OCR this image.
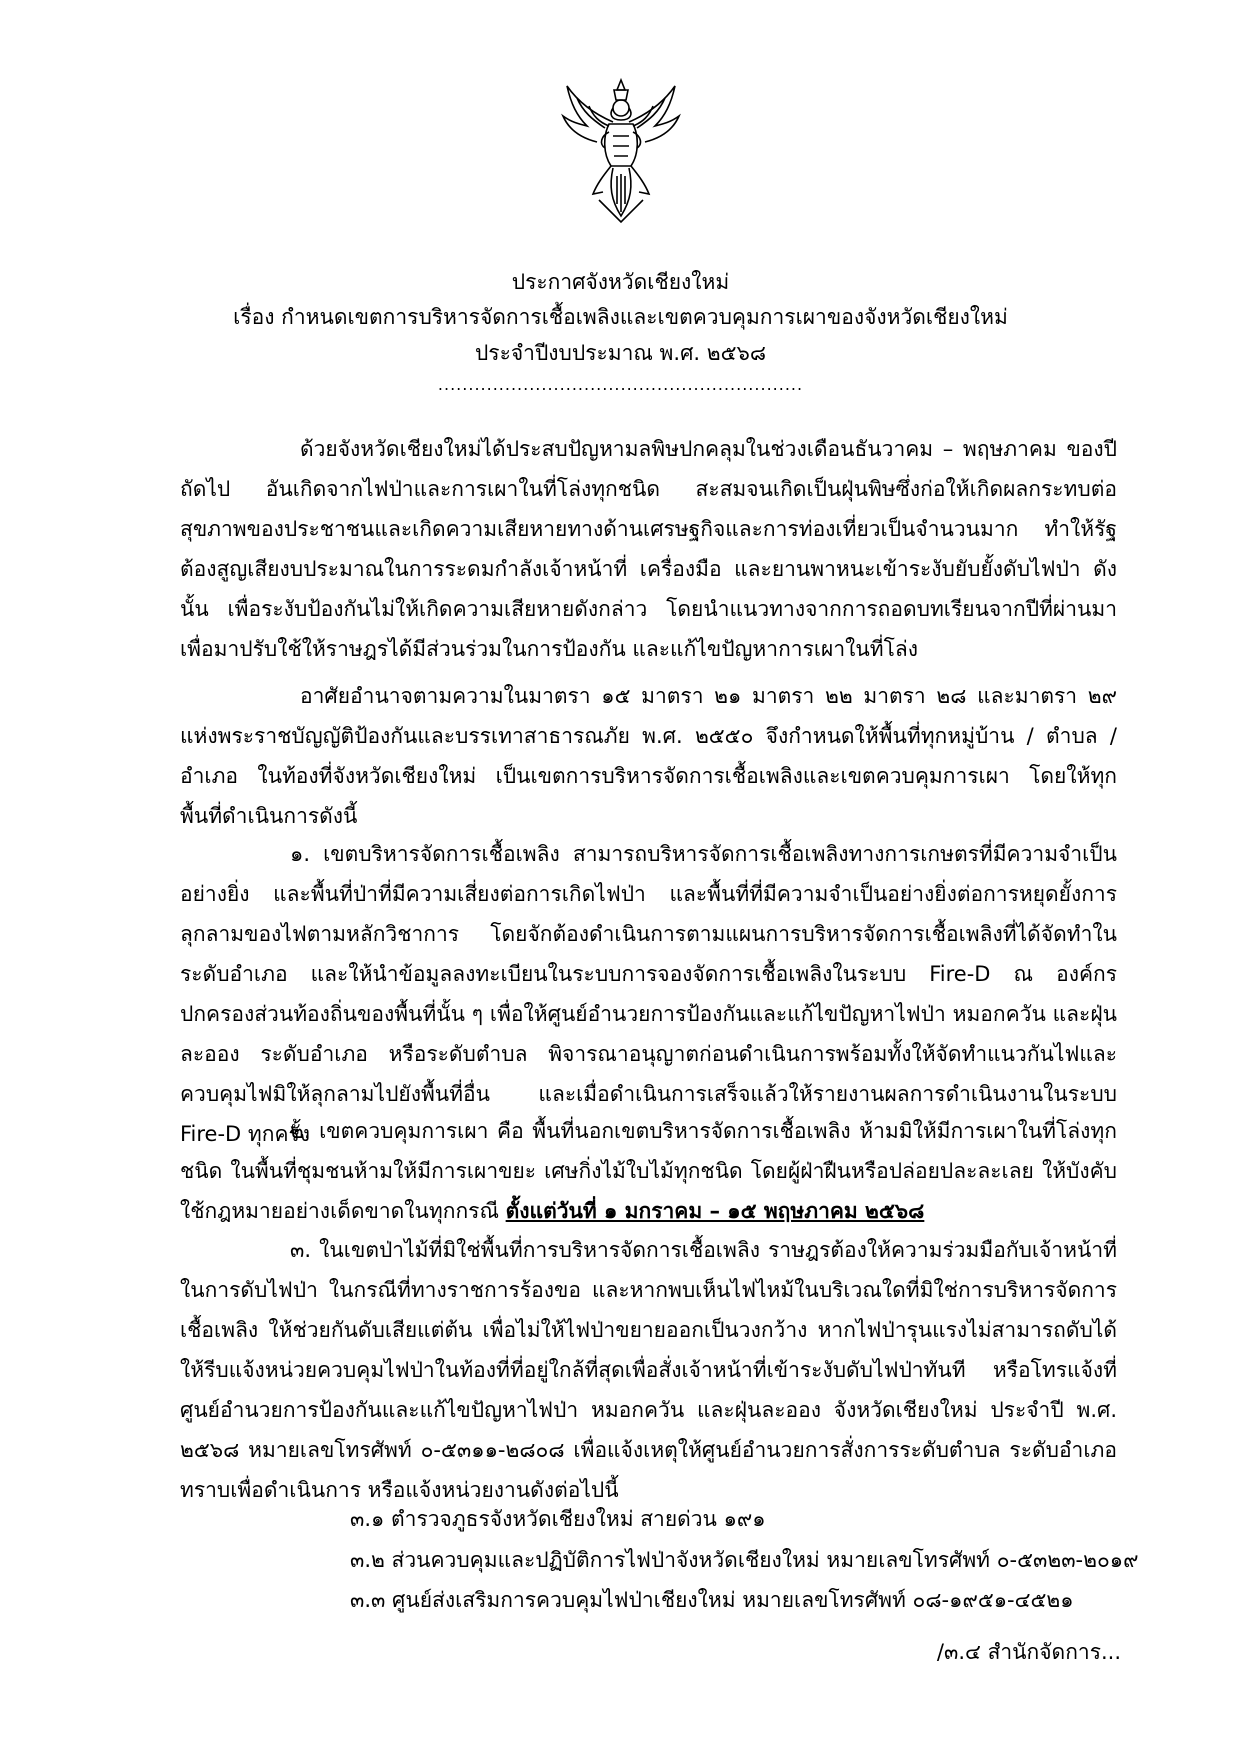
ประกาศจังหวัดเชียงใหม่
เรื่อง กำหนดเขตการบริหารจัดการเชื้อเพลิงและเขตควบคุมการเผาของจังหวัดเชียงใหม่
ประจำปีงบประมาณ พ.ศ. ๒๕๖๘
............................................................

ด้วยจังหวัดเชียงใหม่ได้ประสบปัญหามลพิษปกคลุมในช่วงเดือนธันวาคม – พฤษภาคม ของปีถัดไป อันเกิดจากไฟป่าและการเผาในที่โล่งทุกชนิด สะสมจนเกิดเป็นฝุ่นพิษซึ่งก่อให้เกิดผลกระทบต่อสุขภาพของประชาชนและเกิดความเสียหายทางด้านเศรษฐกิจและการท่องเที่ยวเป็นจำนวนมาก ทำให้รัฐต้องสูญเสียงบประมาณในการระดมกำลังเจ้าหน้าที่ เครื่องมือ และยานพาหนะเข้าระงับยับยั้งดับไฟป่า ดังนั้น เพื่อระงับป้องกันไม่ให้เกิดความเสียหายดังกล่าว โดยนำแนวทางจากการถอดบทเรียนจากปีที่ผ่านมา เพื่อมาปรับใช้ให้ราษฎรได้มีส่วนร่วมในการป้องกัน และแก้ไขปัญหาการเผาในที่โล่ง

อาศัยอำนาจตามความในมาตรา ๑๕ มาตรา ๒๑ มาตรา ๒๒ มาตรา ๒๘ และมาตรา ๒๙ แห่งพระราชบัญญัติป้องกันและบรรเทาสาธารณภัย พ.ศ. ๒๕๕๐ จึงกำหนดให้พื้นที่ทุกหมู่บ้าน / ตำบล / อำเภอ ในท้องที่จังหวัดเชียงใหม่ เป็นเขตการบริหารจัดการเชื้อเพลิงและเขตควบคุมการเผา โดยให้ทุกพื้นที่ดำเนินการดังนี้

๑. เขตบริหารจัดการเชื้อเพลิง สามารถบริหารจัดการเชื้อเพลิงทางการเกษตรที่มีความจำเป็นอย่างยิ่ง และพื้นที่ป่าที่มีความเสี่ยงต่อการเกิดไฟป่า และพื้นที่ที่มีความจำเป็นอย่างยิ่งต่อการหยุดยั้งการลุกลามของไฟตามหลักวิชาการ โดยจักต้องดำเนินการตามแผนการบริหารจัดการเชื้อเพลิงที่ได้จัดทำในระดับอำเภอ และให้นำข้อมูลลงทะเบียนในระบบการจองจัดการเชื้อเพลิงในระบบ Fire-D ณ องค์กรปกครองส่วนท้องถิ่นของพื้นที่นั้น ๆ เพื่อให้ศูนย์อำนวยการป้องกันและแก้ไขปัญหาไฟป่า หมอกควัน และฝุ่นละออง ระดับอำเภอ หรือระดับตำบล พิจารณาอนุญาตก่อนดำเนินการพร้อมทั้งให้จัดทำแนวกันไฟและควบคุมไฟมิให้ลุกลามไปยังพื้นที่อื่น และเมื่อดำเนินการเสร็จแล้วให้รายงานผลการดำเนินงานในระบบ Fire-D ทุกครั้ง

๒. เขตควบคุมการเผา คือ พื้นที่นอกเขตบริหารจัดการเชื้อเพลิง ห้ามมิให้มีการเผาในที่โล่งทุกชนิด ในพื้นที่ชุมชนห้ามให้มีการเผาขยะ เศษกิ่งไม้ใบไม้ทุกชนิด โดยผู้ฝ่าฝืนหรือปล่อยปละละเลย ให้บังคับใช้กฎหมายอย่างเด็ดขาดในทุกกรณี ตั้งแต่วันที่ ๑ มกราคม – ๑๕ พฤษภาคม ๒๕๖๘

๓. ในเขตป่าไม้ที่มิใช่พื้นที่การบริหารจัดการเชื้อเพลิง ราษฎรต้องให้ความร่วมมือกับเจ้าหน้าที่ในการดับไฟป่า ในกรณีที่ทางราชการร้องขอ และหากพบเห็นไฟไหม้ในบริเวณใดที่มิใช่การบริหารจัดการเชื้อเพลิง ให้ช่วยกันดับเสียแต่ต้น เพื่อไม่ให้ไฟป่าขยายออกเป็นวงกว้าง หากไฟป่ารุนแรงไม่สามารถดับได้ให้รีบแจ้งหน่วยควบคุมไฟป่าในท้องที่ที่อยู่ใกล้ที่สุดเพื่อสั่งเจ้าหน้าที่เข้าระงับดับไฟป่าทันที หรือโทรแจ้งที่ศูนย์อำนวยการป้องกันและแก้ไขปัญหาไฟป่า หมอกควัน และฝุ่นละออง จังหวัดเชียงใหม่ ประจำปี พ.ศ. ๒๕๖๘ หมายเลขโทรศัพท์ ๐-๕๓๑๑-๒๘๐๘ เพื่อแจ้งเหตุให้ศูนย์อำนวยการสั่งการระดับตำบล ระดับอำเภอทราบเพื่อดำเนินการ หรือแจ้งหน่วยงานดังต่อไปนี้

๓.๑ ตำรวจภูธรจังหวัดเชียงใหม่ สายด่วน ๑๙๑
๓.๒ ส่วนควบคุมและปฏิบัติการไฟป่าจังหวัดเชียงใหม่ หมายเลขโทรศัพท์ ๐-๕๓๒๓-๒๐๑๙
๓.๓ ศูนย์ส่งเสริมการควบคุมไฟป่าเชียงใหม่ หมายเลขโทรศัพท์ ๐๘-๑๙๕๑-๔๕๒๑
/๓.๔ สำนักจัดการ...
